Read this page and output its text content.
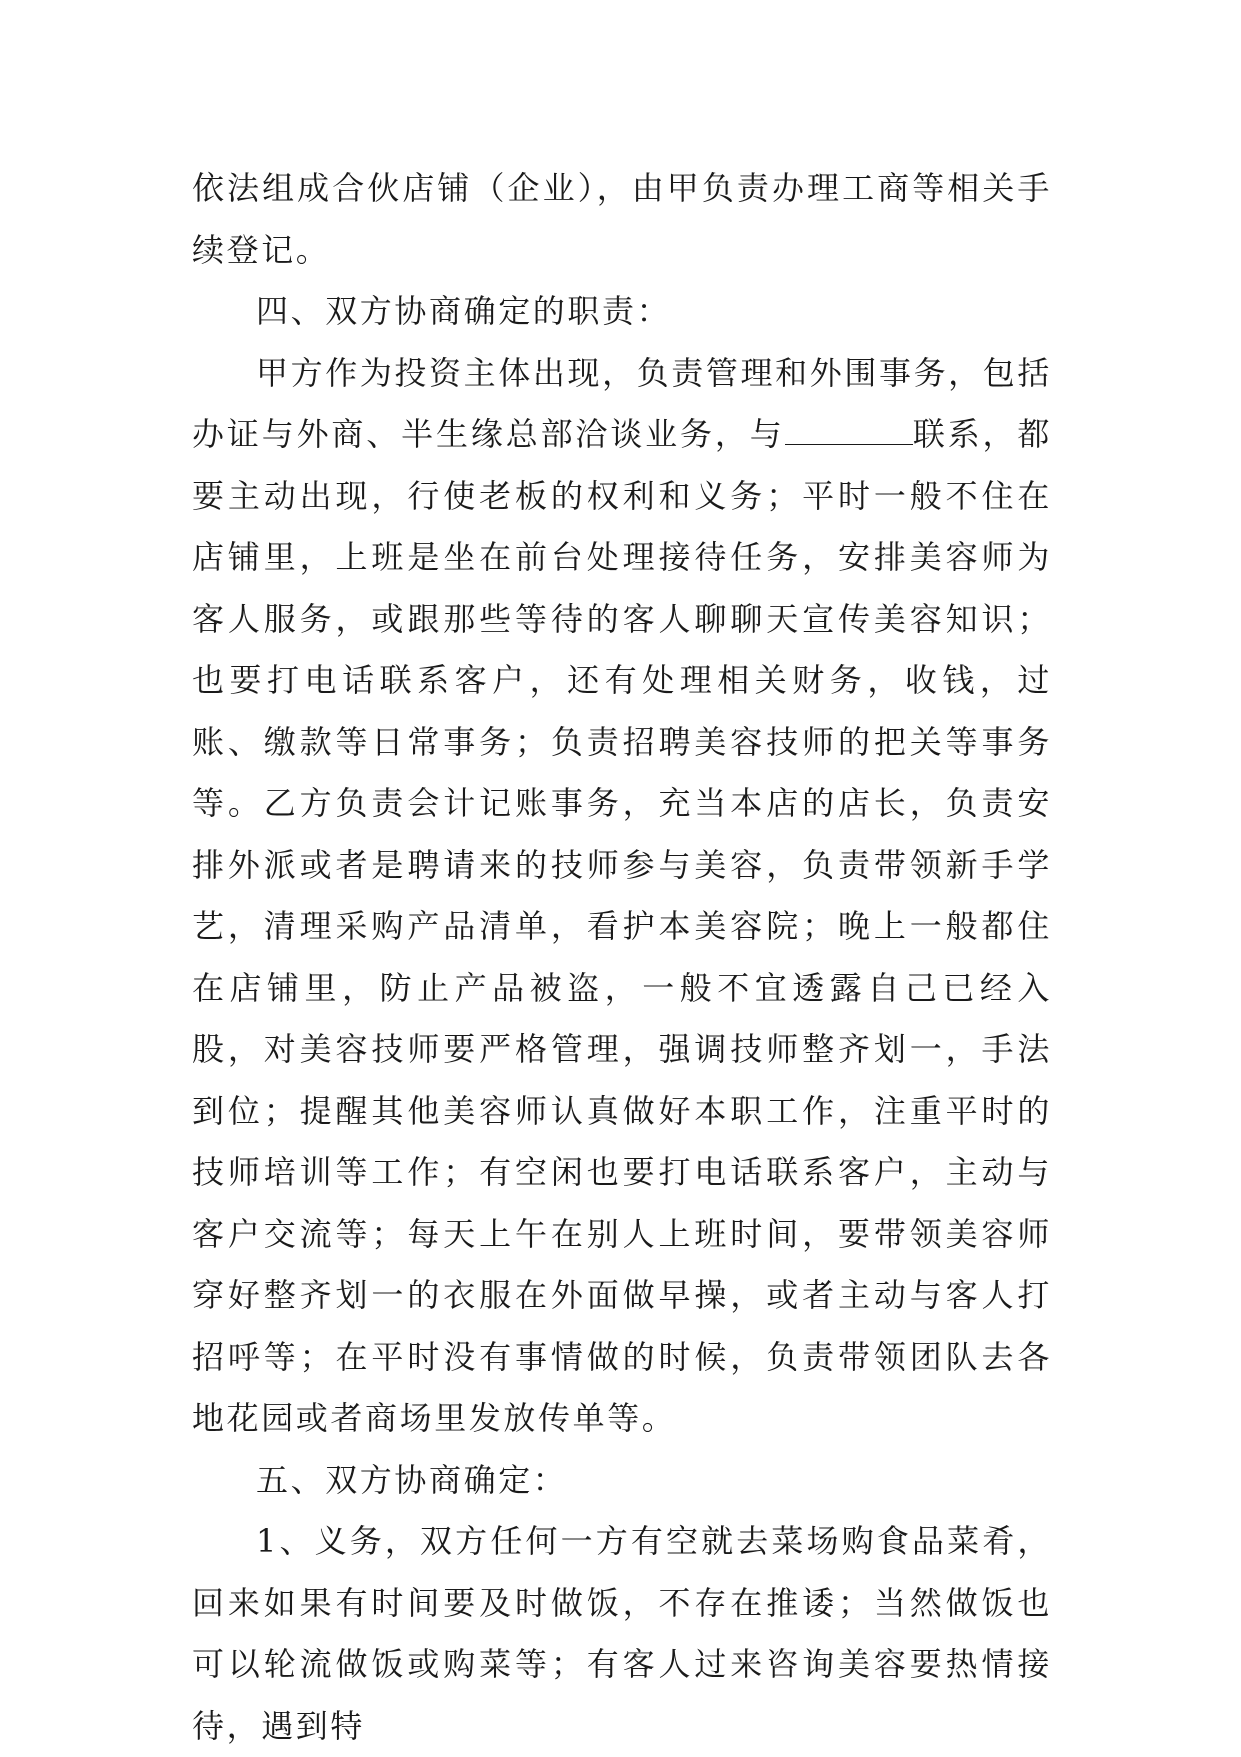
依法组成合伙店铺（企业），由甲负责办理工商等相关手续登记。

四、双方协商确定的职责：

甲方作为投资主体出现，负责管理和外围事务，包括办证与外商、半生缘总部洽谈业务，与	联系，都要主动出现，行使老板的权利和义务；平时一般不住在店铺里，上班是坐在前台处理接待任务，安排美容师为客人服务，或跟那些等待的客人聊聊天宣传美容知识；也要打电话联系客户，还有处理相关财务，收钱，过账、缴款等日常事务；负责招聘美容技师的把关等事务等。乙方负责会计记账事务，充当本店的店长，负责安排外派或者是聘请来的技师参与美容，负责带领新手学艺，清理采购产品清单，看护本美容院；晚上一般都住在店铺里，防止产品被盗，一般不宜透露自己已经入股，对美容技师要严格管理，强调技师整齐划一，手法到位；提醒其他美容师认真做好本职工作，注重平时的技师培训等工作；有空闲也要打电话联系客户，主动与客户交流等；每天上午在别人上班时间，要带领美容师穿好整齐划一的衣服在外面做早操，或者主动与客人打招呼等；在平时没有事情做的时候，负责带领团队去各地花园或者商场里发放传单等。

五、双方协商确定：

1、义务，双方任何一方有空就去菜场购食品菜肴，回来如果有时间要及时做饭，不存在推诿；当然做饭也可以轮流做饭或购菜等；有客人过来咨询美容要热情接待，遇到特
